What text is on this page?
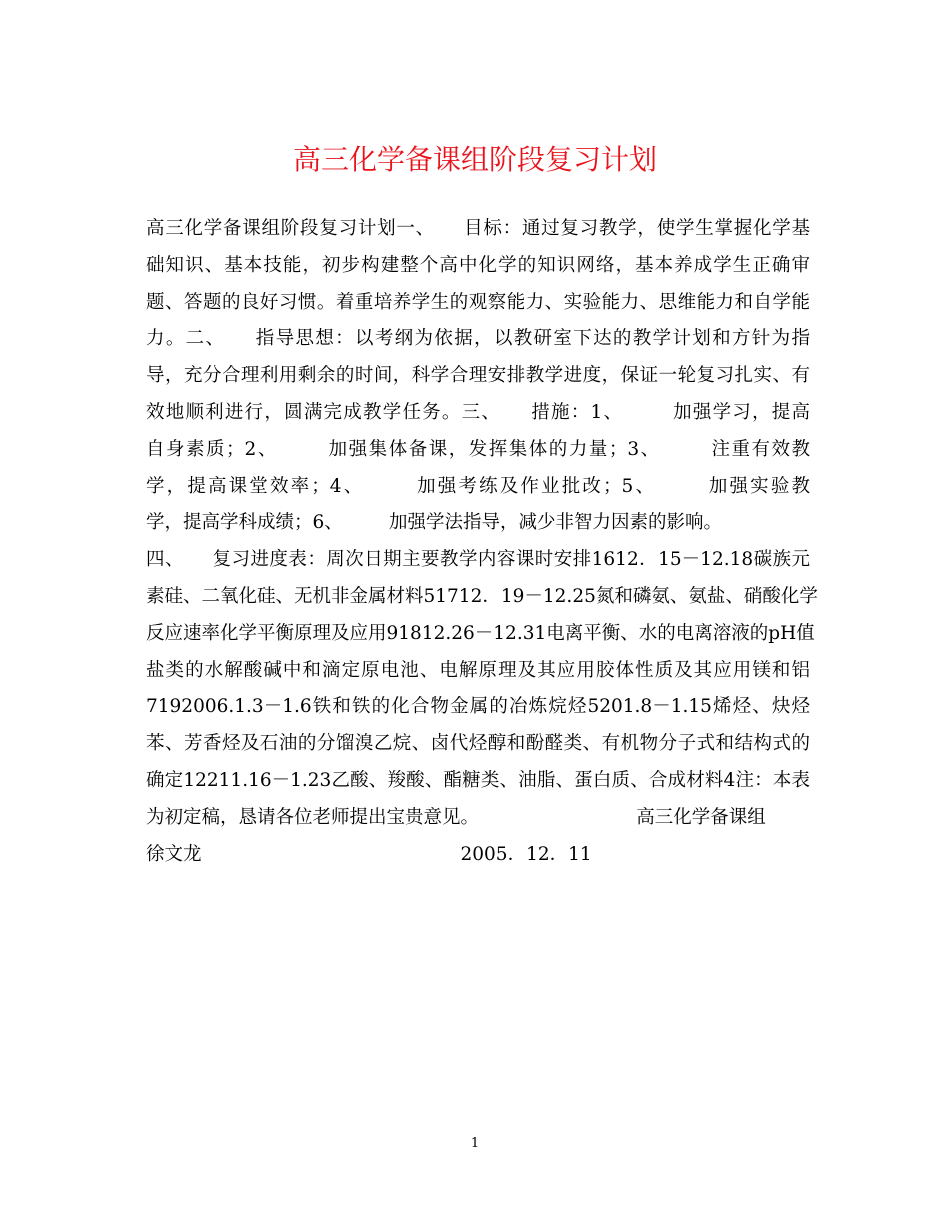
高三化学备课组阶段复习计划
高三化学备课组阶段复习计划一、　　目标：通过复习教学，使学生掌握化学基
础知识、基本技能，初步构建整个高中化学的知识网络，基本养成学生正确审
题、答题的良好习惯。着重培养学生的观察能力、实验能力、思维能力和自学能
力。二、　　指导思想：以考纲为依据，以教研室下达的教学计划和方针为指
导，充分合理利用剩余的时间，科学合理安排教学进度，保证一轮复习扎实、有
效地顺利进行，圆满完成教学任务。三、　　措施：1、　　　加强学习，提高
自身素质；2、　　　加强集体备课，发挥集体的力量；3、　　　注重有效教
学，提高课堂效率；4、　　　加强考练及作业批改；5、　　　加强实验教
学，提高学科成绩；6、　　　加强学法指导，减少非智力因素的影响。
四、　　复习进度表：周次日期主要教学内容课时安排1612．15－12.18碳族元
素硅、二氧化硅、无机非金属材料51712．19－12.25氮和磷氨、氨盐、硝酸化学
反应速率化学平衡原理及应用91812.26－12.31电离平衡、水的电离溶液的pH值
盐类的水解酸碱中和滴定原电池、电解原理及其应用胶体性质及其应用镁和铝
7192006.1.3－1.6铁和铁的化合物金属的冶炼烷烃5201.8－1.15烯烃、炔烃
苯、芳香烃及石油的分馏溴乙烷、卤代烃醇和酚醛类、有机物分子式和结构式的
确定12211.16－1.23乙酸、羧酸、酯糖类、油脂、蛋白质、合成材料4注：本表
为初定稿，恳请各位老师提出宝贵意见。　　　　　　　　　高三化学备课组
徐文龙　　　　　　　　　　　　　　2005．12．11
1
